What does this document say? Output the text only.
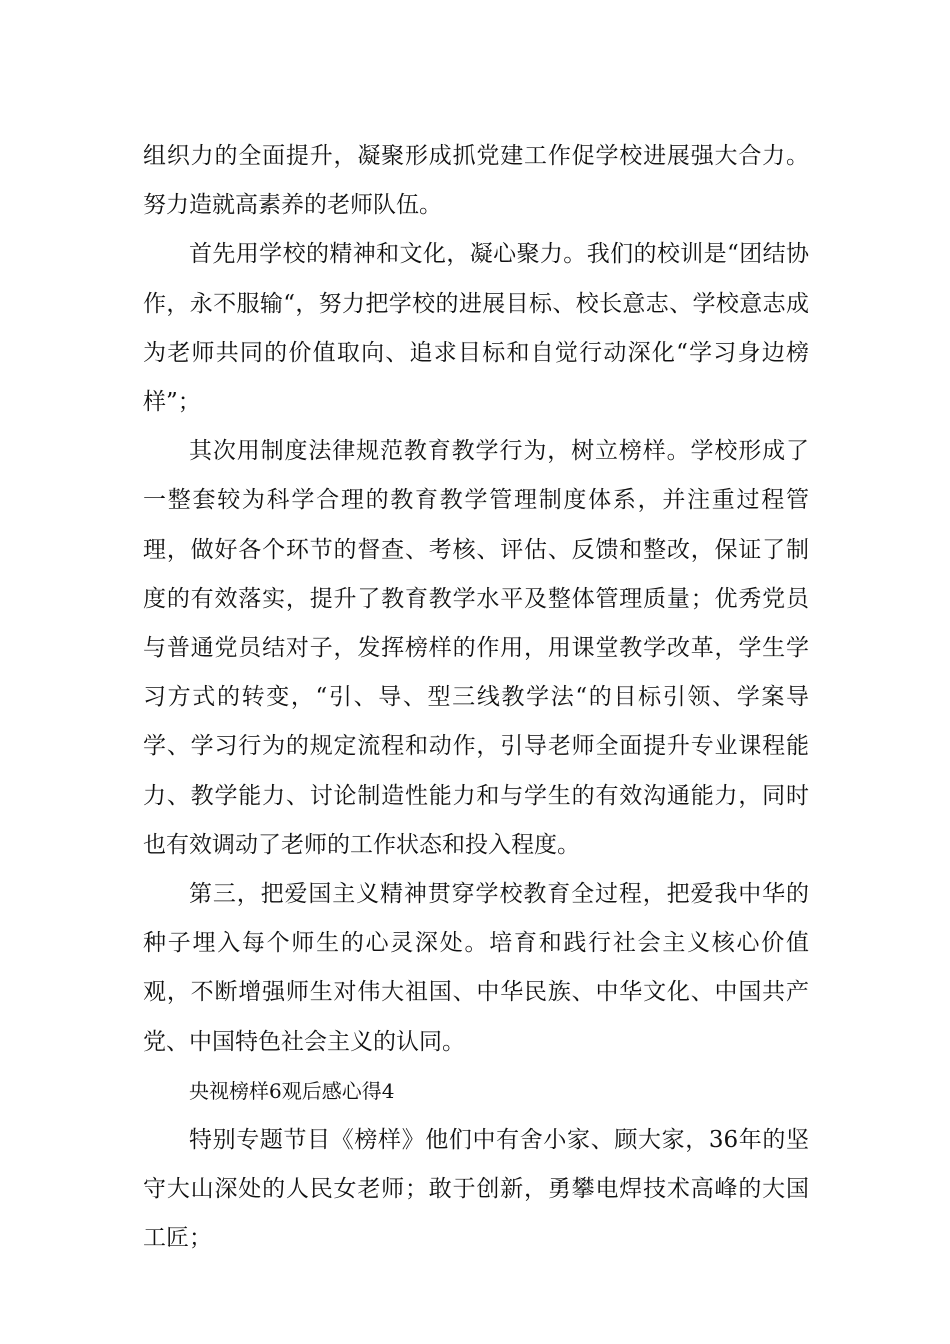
组织力的全面提升，凝聚形成抓党建工作促学校进展强大合力。努力造就高素养的老师队伍。

首先用学校的精神和文化，凝心聚力。我们的校训是“团结协作，永不服输“，努力把学校的进展目标、校长意志、学校意志成为老师共同的价值取向、追求目标和自觉行动深化“学习身边榜样”；

其次用制度法律规范教育教学行为，树立榜样。学校形成了一整套较为科学合理的教育教学管理制度体系，并注重过程管理，做好各个环节的督查、考核、评估、反馈和整改，保证了制度的有效落实，提升了教育教学水平及整体管理质量；优秀党员与普通党员结对子，发挥榜样的作用，用课堂教学改革，学生学习方式的转变，“引、导、型三线教学法“的目标引领、学案导学、学习行为的规定流程和动作，引导老师全面提升专业课程能力、教学能力、讨论制造性能力和与学生的有效沟通能力，同时也有效调动了老师的工作状态和投入程度。

第三，把爱国主义精神贯穿学校教育全过程，把爱我中华的种子埋入每个师生的心灵深处。培育和践行社会主义核心价值观，不断增强师生对伟大祖国、中华民族、中华文化、中国共产党、中国特色社会主义的认同。

央视榜样6观后感心得4

特别专题节目《榜样》他们中有舍小家、顾大家，36年的坚守大山深处的人民女老师；敢于创新，勇攀电焊技术高峰的大国工匠；
